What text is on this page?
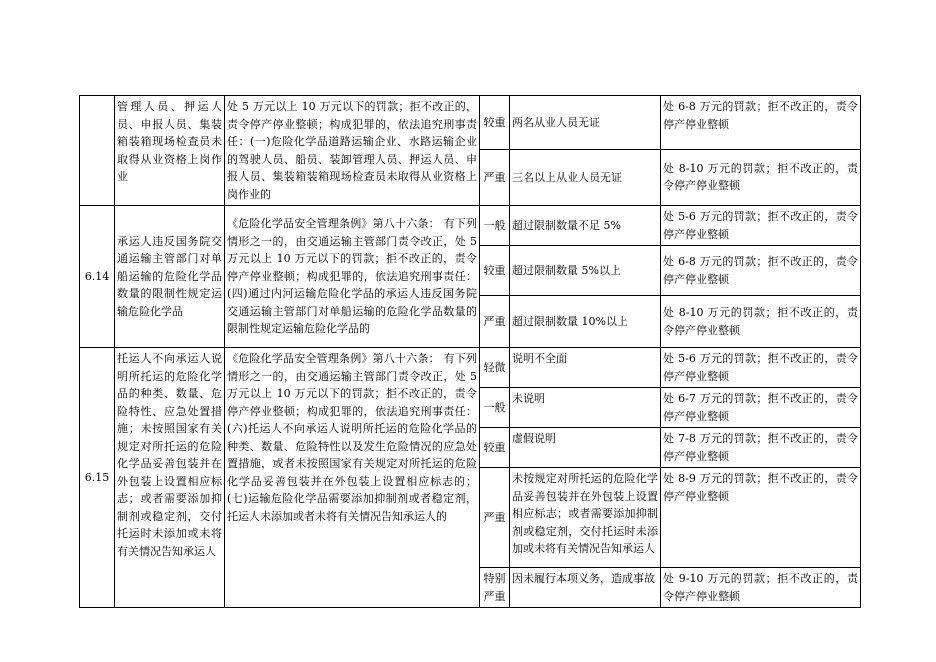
	管理人员、押运人员、申报人员、集装箱装箱现场检查员未取得从业资格上岗作业	处 5 万元以上 10 万元以下的罚款；拒不改正的，责令停产停业整顿；构成犯罪的，依法追究刑事责任：(一)危险化学品道路运输企业、水路运输企业的驾驶人员、船员、装卸管理人员、押运人员、申报人员、集装箱装箱现场检查员未取得从业资格上岗作业的	较重	两名从业人员无证	处 6-8 万元的罚款；拒不改正的，责令停产停业整顿
			严重	三名以上从业人员无证	处 8-10 万元的罚款；拒不改正的，责令停产停业整顿
6.14	承运人违反国务院交通运输主管部门对单船运输的危险化学品数量的限制性规定运输危险化学品	《危险化学品安全管理条例》第八十六条： 有下列情形之一的，由交通运输主管部门责令改正，处 5 万元以上 10 万元以下的罚款；拒不改正的，责令停产停业整顿；构成犯罪的，依法追究刑事责任：(四)通过内河运输危险化学品的承运人违反国务院交通运输主管部门对单船运输的危险化学品数量的限制性规定运输危险化学品的	一般	超过限制数量不足 5%	处 5-6 万元的罚款；拒不改正的，责令停产停业整顿
			较重	超过限制数量 5%以上	处 6-8 万元的罚款；拒不改正的，责令停产停业整顿
			严重	超过限制数量 10%以上	处 8-10 万元的罚款；拒不改正的，责令停产停业整顿
6.15	托运人不向承运人说明所托运的危险化学品的种类、数量、危险特性、应急处置措施；未按照国家有关规定对所托运的危险化学品妥善包装并在外包装上设置相应标志；或者需要添加抑制剂或稳定剂，交付托运时未添加或未将有关情况告知承运人	《危险化学品安全管理条例》第八十六条： 有下列情形之一的，由交通运输主管部门责令改正，处 5 万元以上 10 万元以下的罚款；拒不改正的，责令停产停业整顿；构成犯罪的，依法追究刑事责任：(六)托运人不向承运人说明所托运的危险化学品的种类、数量、危险特性以及发生危险情况的应急处置措施，或者未按照国家有关规定对所托运的危险化学品妥善包装并在外包装上设置相应标志的； (七)运输危险化学品需要添加抑制剂或者稳定剂，托运人未添加或者未将有关情况告知承运人的	轻微	说明不全面	处 5-6 万元的罚款；拒不改正的，责令停产停业整顿
			一般	未说明	处 6-7 万元的罚款；拒不改正的，责令停产停业整顿
			较重	虚假说明	处 7-8 万元的罚款；拒不改正的，责令停产停业整顿
			严重	未按规定对所托运的危险化学品妥善包装并在外包装上设置相应标志；或者需要添加抑制剂或稳定剂，交付托运时未添加或未将有关情况告知承运人	处 8-9 万元的罚款；拒不改正的，责令停产停业整顿
			特别严重	因未履行本项义务，造成事故	处 9-10 万元的罚款；拒不改正的，责令停产停业整顿
